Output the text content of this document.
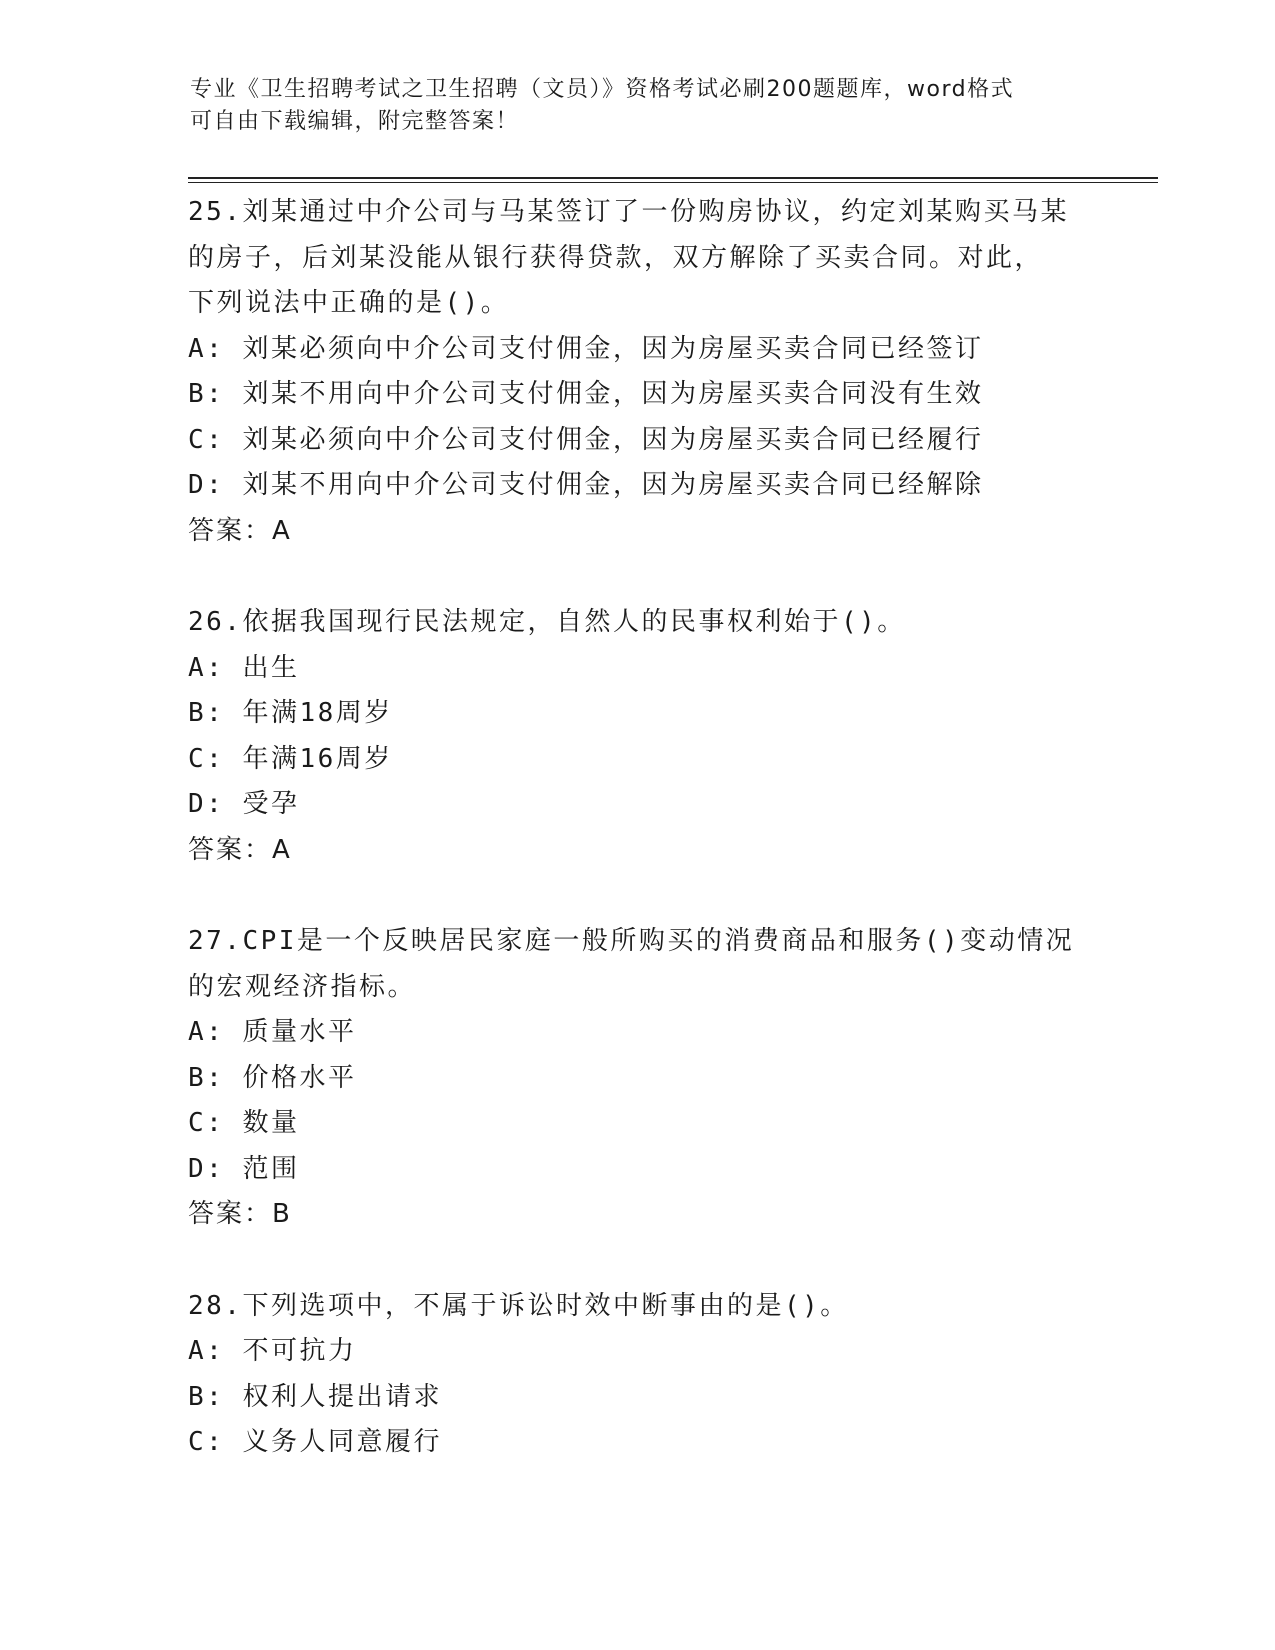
专业《卫生招聘考试之卫生招聘（文员）》资格考试必刷200题题库，word格式

可自由下载编辑，附完整答案！

25.刘某通过中介公司与马某签订了一份购房协议，约定刘某购买马某

的房子，后刘某没能从银行获得贷款，双方解除了买卖合同。对此，

下列说法中正确的是()。

A: 刘某必须向中介公司支付佣金，因为房屋买卖合同已经签订

B: 刘某不用向中介公司支付佣金，因为房屋买卖合同没有生效

C: 刘某必须向中介公司支付佣金，因为房屋买卖合同已经履行

D: 刘某不用向中介公司支付佣金，因为房屋买卖合同已经解除

答案：A

26.依据我国现行民法规定，自然人的民事权利始于()。

A: 出生

B: 年满18周岁

C: 年满16周岁

D: 受孕

答案：A

27.CPI是一个反映居民家庭一般所购买的消费商品和服务()变动情况

的宏观经济指标。

A: 质量水平

B: 价格水平

C: 数量

D: 范围

答案：B

28.下列选项中，不属于诉讼时效中断事由的是()。

A: 不可抗力

B: 权利人提出请求

C: 义务人同意履行
